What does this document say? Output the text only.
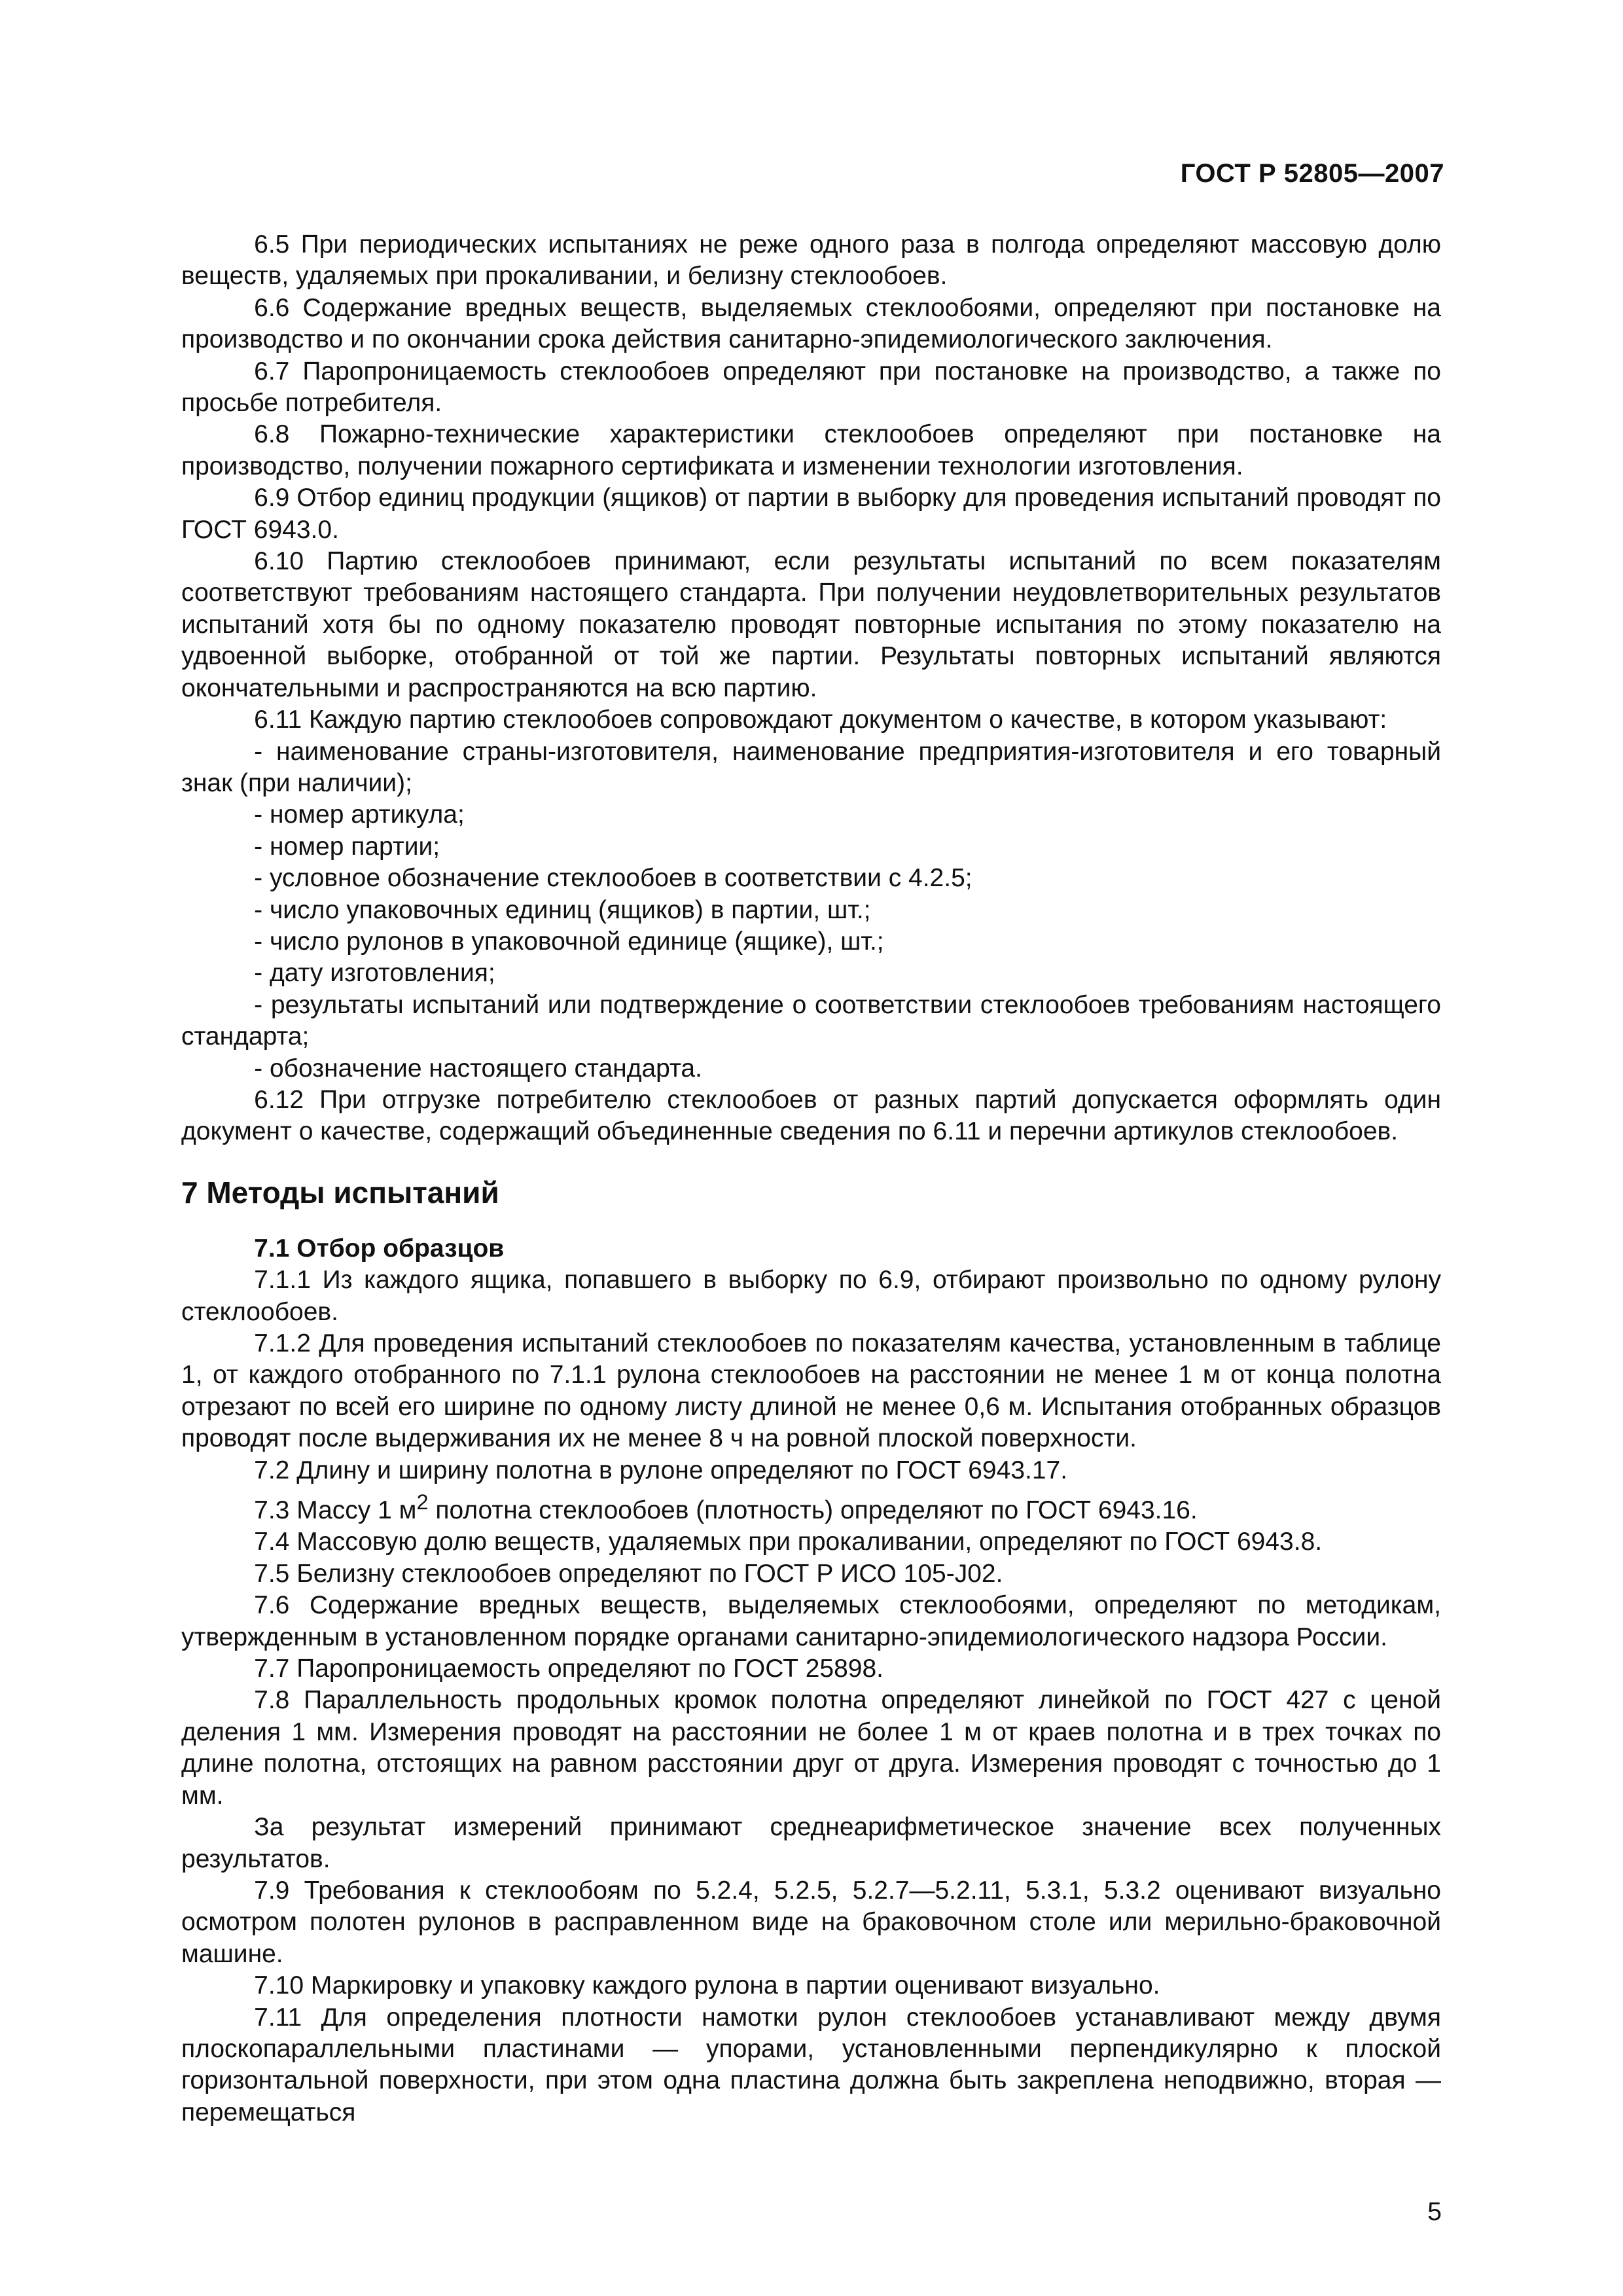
ГОСТ Р 52805—2007

6.5 При периодических испытаниях не реже одного раза в полгода определяют массовую долю веществ, удаляемых при прокаливании, и белизну стеклообоев.

6.6 Содержание вредных веществ, выделяемых стеклообоями, определяют при постановке на производство и по окончании срока действия санитарно-эпидемиологического заключения.

6.7 Паропроницаемость стеклообоев определяют при постановке на производство, а также по просьбе потребителя.

6.8 Пожарно-технические характеристики стеклообоев определяют при постановке на производство, получении пожарного сертификата и изменении технологии изготовления.

6.9 Отбор единиц продукции (ящиков) от партии в выборку для проведения испытаний проводят по ГОСТ 6943.0.

6.10 Партию стеклообоев принимают, если результаты испытаний по всем показателям соответствуют требованиям настоящего стандарта. При получении неудовлетворительных результатов испытаний хотя бы по одному показателю проводят повторные испытания по этому показателю на удвоенной выборке, отобранной от той же партии. Результаты повторных испытаний являются окончательными и распространяются на всю партию.

6.11 Каждую партию стеклообоев сопровождают документом о качестве, в котором указывают:

- наименование страны-изготовителя, наименование предприятия-изготовителя и его товарный знак (при наличии);

- номер артикула;

- номер партии;

- условное обозначение стеклообоев в соответствии с 4.2.5;

- число упаковочных единиц (ящиков) в партии, шт.;

- число рулонов в упаковочной единице (ящике), шт.;

- дату изготовления;

- результаты испытаний или подтверждение о соответствии стеклообоев требованиям настоящего стандарта;

- обозначение настоящего стандарта.

6.12 При отгрузке потребителю стеклообоев от разных партий допускается оформлять один документ о качестве, содержащий объединенные сведения по 6.11 и перечни артикулов стеклообоев.

7 Методы испытаний

7.1 Отбор образцов

7.1.1 Из каждого ящика, попавшего в выборку по 6.9, отбирают произвольно по одному рулону стеклообоев.

7.1.2 Для проведения испытаний стеклообоев по показателям качества, установленным в таблице 1, от каждого отобранного по 7.1.1 рулона стеклообоев на расстоянии не менее 1 м от конца полотна отрезают по всей его ширине по одному листу длиной не менее 0,6 м. Испытания отобранных образцов проводят после выдерживания их не менее 8 ч на ровной плоской поверхности.

7.2 Длину и ширину полотна в рулоне определяют по ГОСТ 6943.17.

7.3 Массу 1 $м^2$ полотна стеклообоев (плотность) определяют по ГОСТ 6943.16.

7.4 Массовую долю веществ, удаляемых при прокаливании, определяют по ГОСТ 6943.8.

7.5 Белизну стеклообоев определяют по ГОСТ Р ИСО 105-J02.

7.6 Содержание вредных веществ, выделяемых стеклообоями, определяют по методикам, утвержденным в установленном порядке органами санитарно-эпидемиологического надзора России.

7.7 Паропроницаемость определяют по ГОСТ 25898.

7.8 Параллельность продольных кромок полотна определяют линейкой по ГОСТ 427 с ценой деления 1 мм. Измерения проводят на расстоянии не более 1 м от краев полотна и в трех точках по длине полотна, отстоящих на равном расстоянии друг от друга. Измерения проводят с точностью до 1 мм.

За результат измерений принимают среднеарифметическое значение всех полученных результатов.

7.9 Требования к стеклообоям по 5.2.4, 5.2.5, 5.2.7—5.2.11, 5.3.1, 5.3.2 оценивают визуально осмотром полотен рулонов в расправленном виде на браковочном столе или мерильно-браковочной машине.

7.10 Маркировку и упаковку каждого рулона в партии оценивают визуально.

7.11 Для определения плотности намотки рулон стеклообоев устанавливают между двумя плоскопараллельными пластинами — упорами, установленными перпендикулярно к плоской горизонтальной поверхности, при этом одна пластина должна быть закреплена неподвижно, вторая — перемещаться

5
